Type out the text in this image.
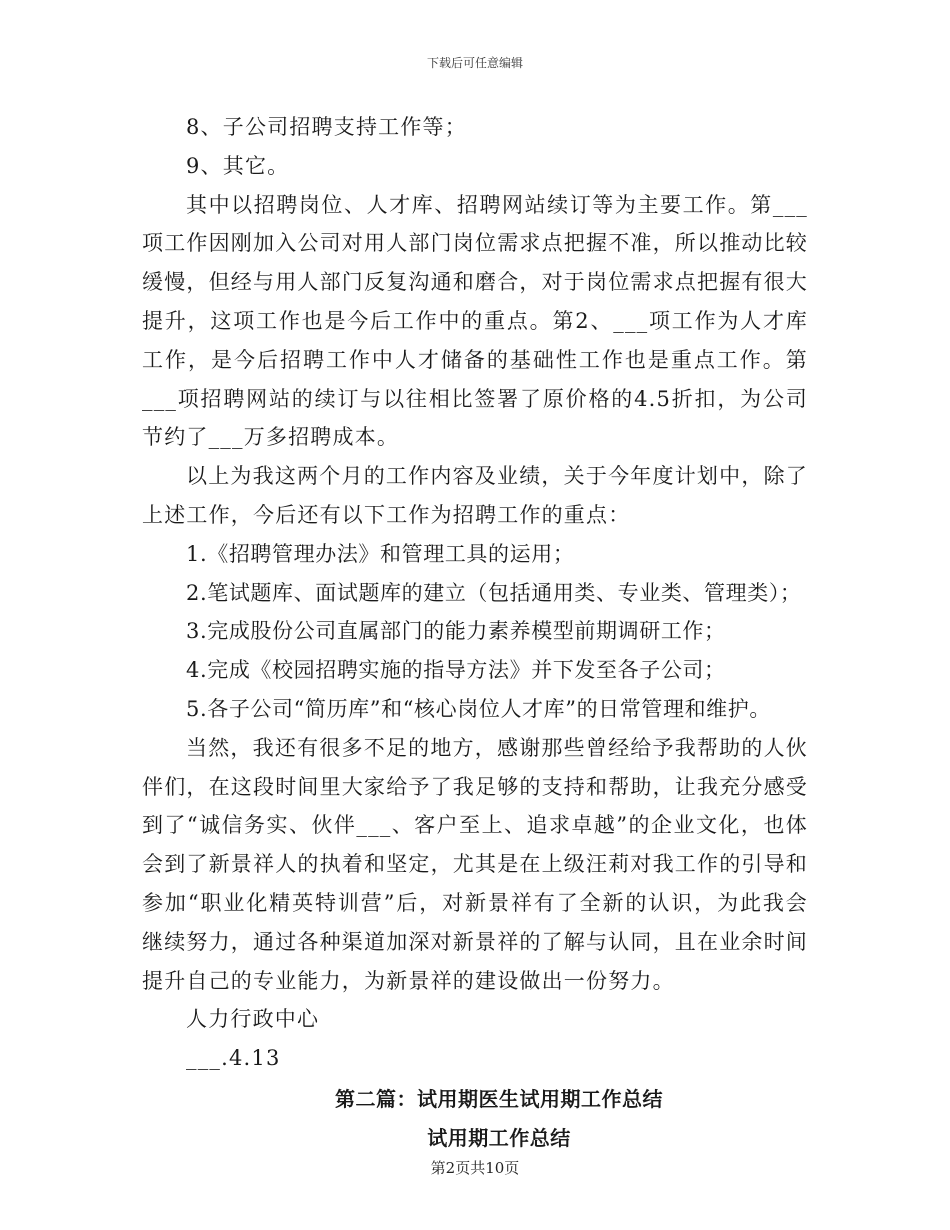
下载后可任意编辑

8、子公司招聘支持工作等；

9、其它。

其中以招聘岗位、人才库、招聘网站续订等为主要工作。第___项工作因刚加入公司对用人部门岗位需求点把握不准，所以推动比较缓慢，但经与用人部门反复沟通和磨合，对于岗位需求点把握有很大提升，这项工作也是今后工作中的重点。第2、___项工作为人才库工作，是今后招聘工作中人才储备的基础性工作也是重点工作。第___项招聘网站的续订与以往相比签署了原价格的4.5折扣，为公司节约了___万多招聘成本。

以上为我这两个月的工作内容及业绩，关于今年度计划中，除了上述工作，今后还有以下工作为招聘工作的重点：

1.《招聘管理办法》和管理工具的运用；

2.笔试题库、面试题库的建立（包括通用类、专业类、管理类）；

3.完成股份公司直属部门的能力素养模型前期调研工作；

4.完成《校园招聘实施的指导方法》并下发至各子公司；

5.各子公司“简历库”和“核心岗位人才库”的日常管理和维护。

当然，我还有很多不足的地方，感谢那些曾经给予我帮助的人伙伴们，在这段时间里大家给予了我足够的支持和帮助，让我充分感受到了“诚信务实、伙伴___、客户至上、追求卓越”的企业文化，也体会到了新景祥人的执着和坚定，尤其是在上级汪莉对我工作的引导和参加“职业化精英特训营”后，对新景祥有了全新的认识，为此我会继续努力，通过各种渠道加深对新景祥的了解与认同，且在业余时间提升自己的专业能力，为新景祥的建设做出一份努力。

人力行政中心

___.4.13

第二篇：试用期医生试用期工作总结

试用期工作总结

第2页共10页
